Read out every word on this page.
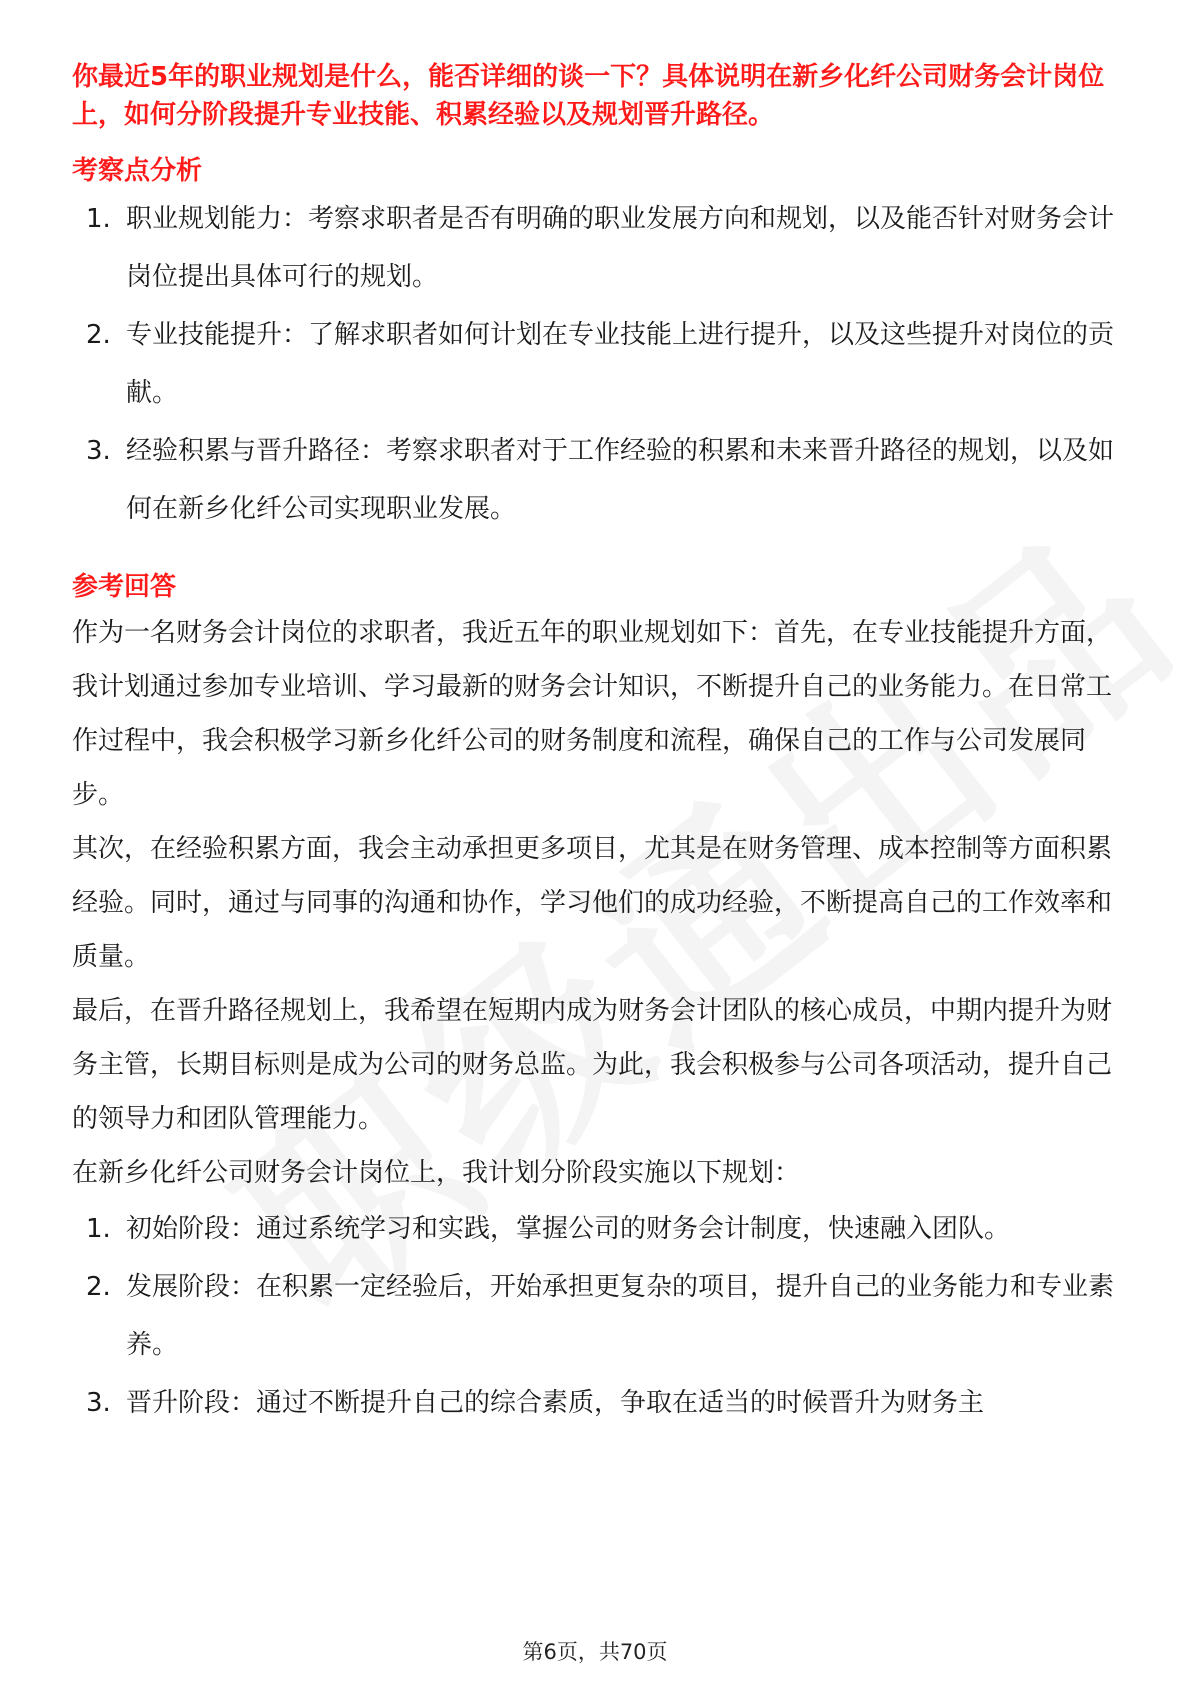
你最近5年的职业规划是什么，能否详细的谈一下？具体说明在新乡化纤公司财务会计岗位上，如何分阶段提升专业技能、积累经验以及规划晋升路径。

考察点分析
1. 职业规划能力：考察求职者是否有明确的职业发展方向和规划，以及能否针对财务会计岗位提出具体可行的规划。
2. 专业技能提升：了解求职者如何计划在专业技能上进行提升，以及这些提升对岗位的贡献。
3. 经验积累与晋升路径：考察求职者对于工作经验的积累和未来晋升路径的规划，以及如何在新乡化纤公司实现职业发展。
参考回答

作为一名财务会计岗位的求职者，我近五年的职业规划如下：首先，在专业技能提升方面，我计划通过参加专业培训、学习最新的财务会计知识，不断提升自己的业务能力。在日常工作过程中，我会积极学习新乡化纤公司的财务制度和流程，确保自己的工作与公司发展同步。

其次，在经验积累方面，我会主动承担更多项目，尤其是在财务管理、成本控制等方面积累经验。同时，通过与同事的沟通和协作，学习他们的成功经验，不断提高自己的工作效率和质量。

最后，在晋升路径规划上，我希望在短期内成为财务会计团队的核心成员，中期内提升为财务主管，长期目标则是成为公司的财务总监。为此，我会积极参与公司各项活动，提升自己的领导力和团队管理能力。

在新乡化纤公司财务会计岗位上，我计划分阶段实施以下规划：

1. 初始阶段：通过系统学习和实践，掌握公司的财务会计制度，快速融入团队。
2. 发展阶段：在积累一定经验后，开始承担更复杂的项目，提升自己的业务能力和专业素养。
3. 晋升阶段：通过不断提升自己的综合素质，争取在适当的时候晋升为财务主
第6页，共70页
